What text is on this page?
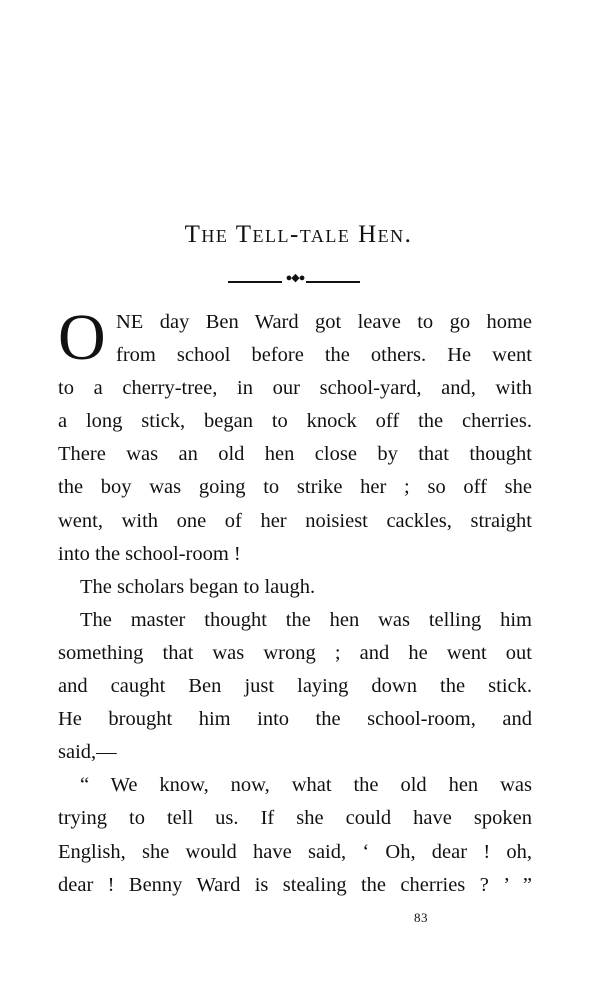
The Tell-tale Hen.
●◆●
O NE day Ben Ward got leave to go home
from school before the others. He went
to a cherry-tree, in our school-yard, and, with
a long stick, began to knock off the cherries.
There was an old hen close by that thought
the boy was going to strike her ; so off she
went, with one of her noisiest cackles, straight
into the school-room !
The scholars began to laugh.
The master thought the hen was telling him
something that was wrong ; and he went out
and caught Ben just laying down the stick.
He brought him into the school-room, and
said,—
“ We know, now, what the old hen was
trying to tell us. If she could have spoken
English, she would have said, ‘ Oh, dear ! oh,
dear ! Benny Ward is stealing the cherries ? ’ ”
83
